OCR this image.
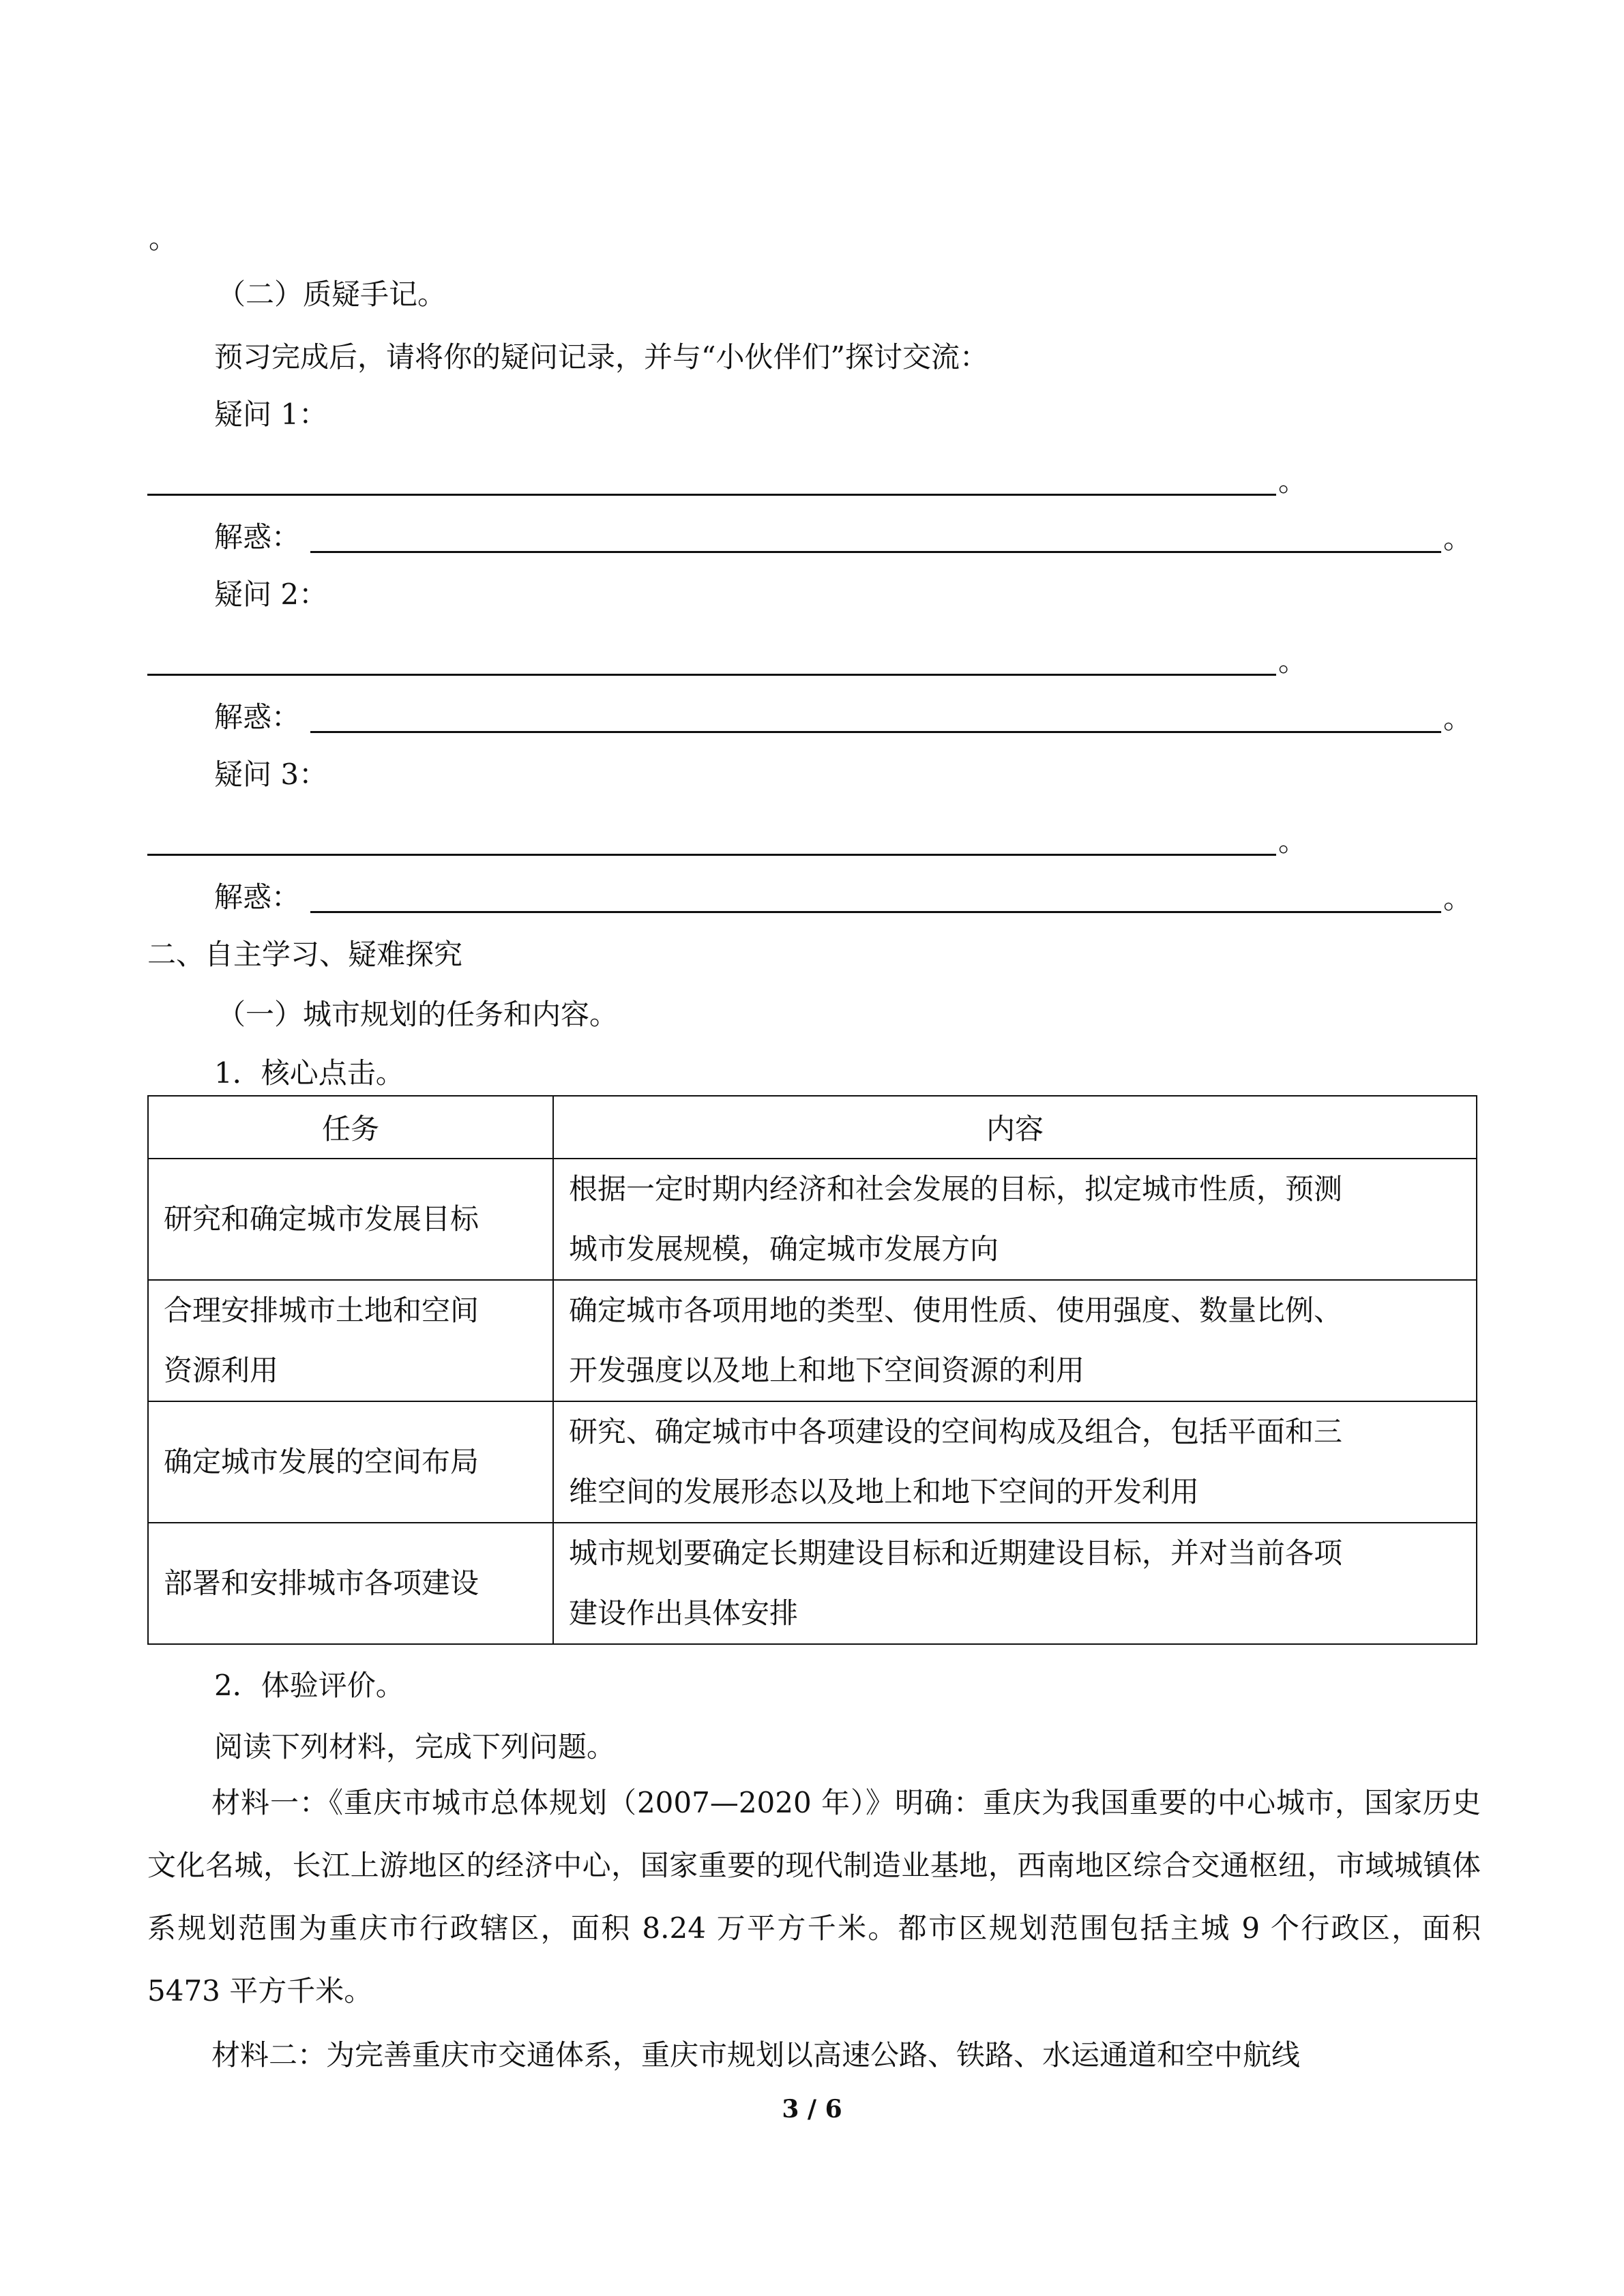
。
（二）质疑手记。
预习完成后，请将你的疑问记录，并与“小伙伴们”探讨交流：
疑问 1：
。
解惑：	。
疑问 2：
。
解惑：	。
疑问 3：
。
解惑：	。
二、自主学习、疑难探究
（一）城市规划的任务和内容。
1．核心点击。
任务	内容
研究和确定城市发展目标	根据一定时期内经济和社会发展的目标，拟定城市性质，预测
城市发展规模，确定城市发展方向
合理安排城市土地和空间
资源利用	确定城市各项用地的类型、使用性质、使用强度、数量比例、
开发强度以及地上和地下空间资源的利用
确定城市发展的空间布局	研究、确定城市中各项建设的空间构成及组合，包括平面和三
维空间的发展形态以及地上和地下空间的开发利用
部署和安排城市各项建设	城市规划要确定长期建设目标和近期建设目标，并对当前各项
建设作出具体安排
2．体验评价。
阅读下列材料，完成下列问题。
材料一：《重庆市城市总体规划（2007—2020 年）》明确：重庆为我国重要的中心城市，国家历史文化名城，长江上游地区的经济中心，国家重要的现代制造业基地，西南地区综合交通枢纽，市域城镇体系规划范围为重庆市行政辖区，面积 8.24 万平方千米。都市区规划范围包括主城 9 个行政区，面积 5473 平方千米。
材料二：为完善重庆市交通体系，重庆市规划以高速公路、铁路、水运通道和空中航线
3 / 6
